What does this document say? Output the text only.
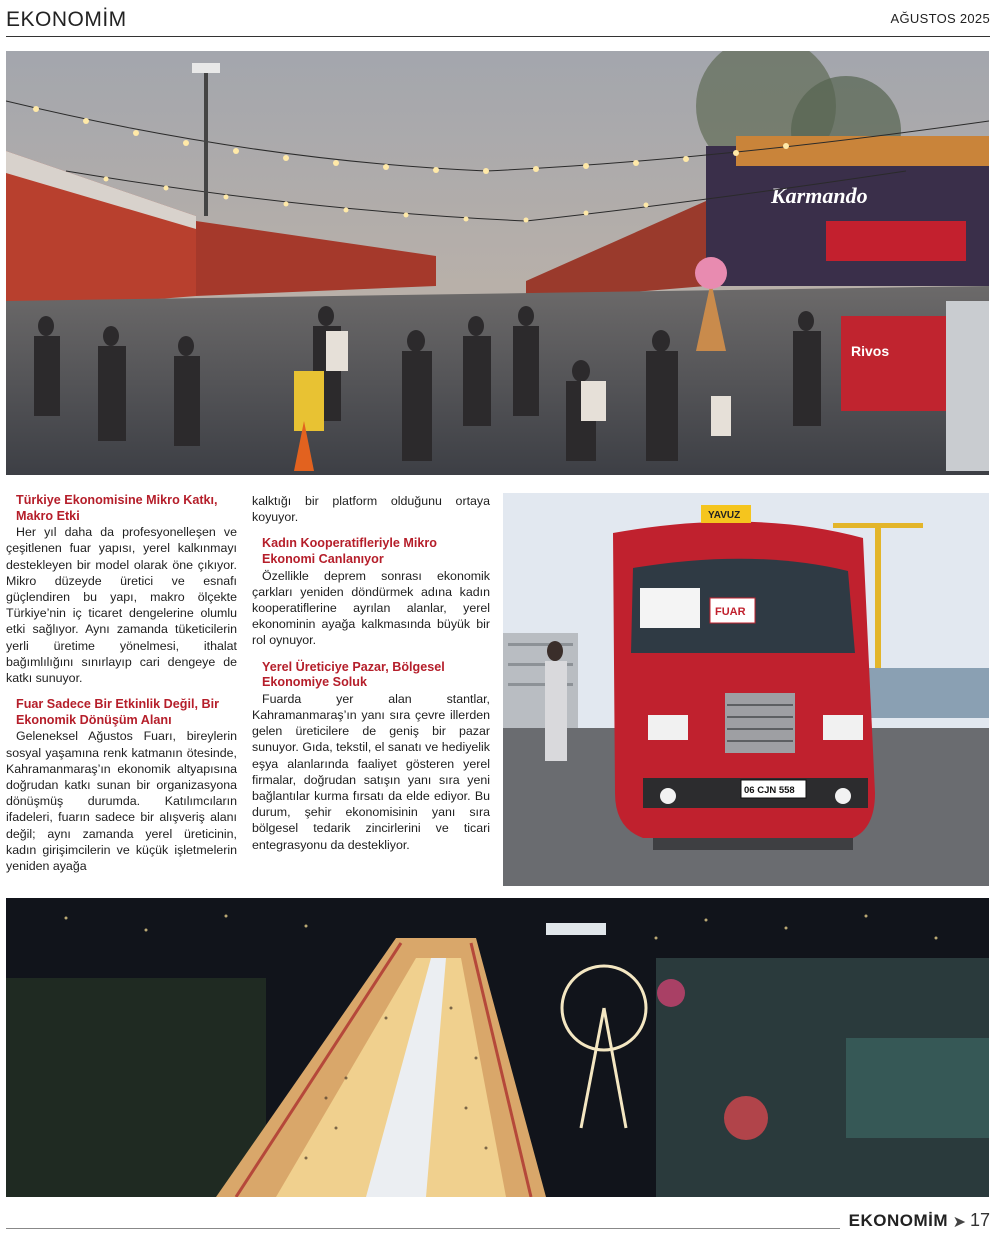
EKONOMİM	AĞUSTOS 2025
Karmando
Rivos
Türkiye Ekonomisine Mikro Katkı, Makro Etki

Her yıl daha da profesyonelleşen ve çeşitlenen fuar yapısı, yerel kalkınmayı destekleyen bir model olarak öne çıkıyor. Mikro düzeyde üretici ve esnafı güçlendiren bu yapı, makro ölçekte Türkiye’nin iç ticaret dengelerine olumlu etki sağlıyor. Aynı zamanda tüketicilerin yerli üretime yönelmesi, ithalat bağımlılığını sınırlayıp cari dengeye de katkı sunuyor.

Fuar Sadece Bir Etkinlik Değil, Bir Ekonomik Dönüşüm Alanı

Geleneksel Ağustos Fuarı, bireylerin sosyal yaşamına renk katmanın ötesinde, Kahramanmaraş’ın ekonomik altyapısına doğrudan katkı sunan bir organizasyona dönüşmüş durumda. Katılımcıların ifadeleri, fuarın sadece bir alışveriş alanı değil; aynı zamanda yerel üreticinin, kadın girişimcilerin ve küçük işletmelerin yeniden ayağa

kalktığı bir platform olduğunu ortaya koyuyor.

Kadın Kooperatifleriyle Mikro Ekonomi Canlanıyor

Özellikle deprem sonrası ekonomik çarkları yeniden döndürmek adına kadın kooperatiflerine ayrılan alanlar, yerel ekonominin ayağa kalkmasında büyük bir rol oynuyor.

Yerel Üreticiye Pazar, Bölgesel Ekonomiye Soluk

Fuarda yer alan stantlar, Kahramanmaraş’ın yanı sıra çevre illerden gelen üreticilere de geniş bir pazar sunuyor. Gıda, tekstil, el sanatı ve hediyelik eşya alanlarında faaliyet gösteren yerel firmalar, doğrudan satışın yanı sıra yeni bağlantılar kurma fırsatı da elde ediyor. Bu durum, şehir ekonomisinin yanı sıra bölgesel tedarik zincirlerini ve ticari entegrasyonu da destekliyor.

FUAR
YAVUZ
06 CJN 558
EKONOMİM ➤ 17
